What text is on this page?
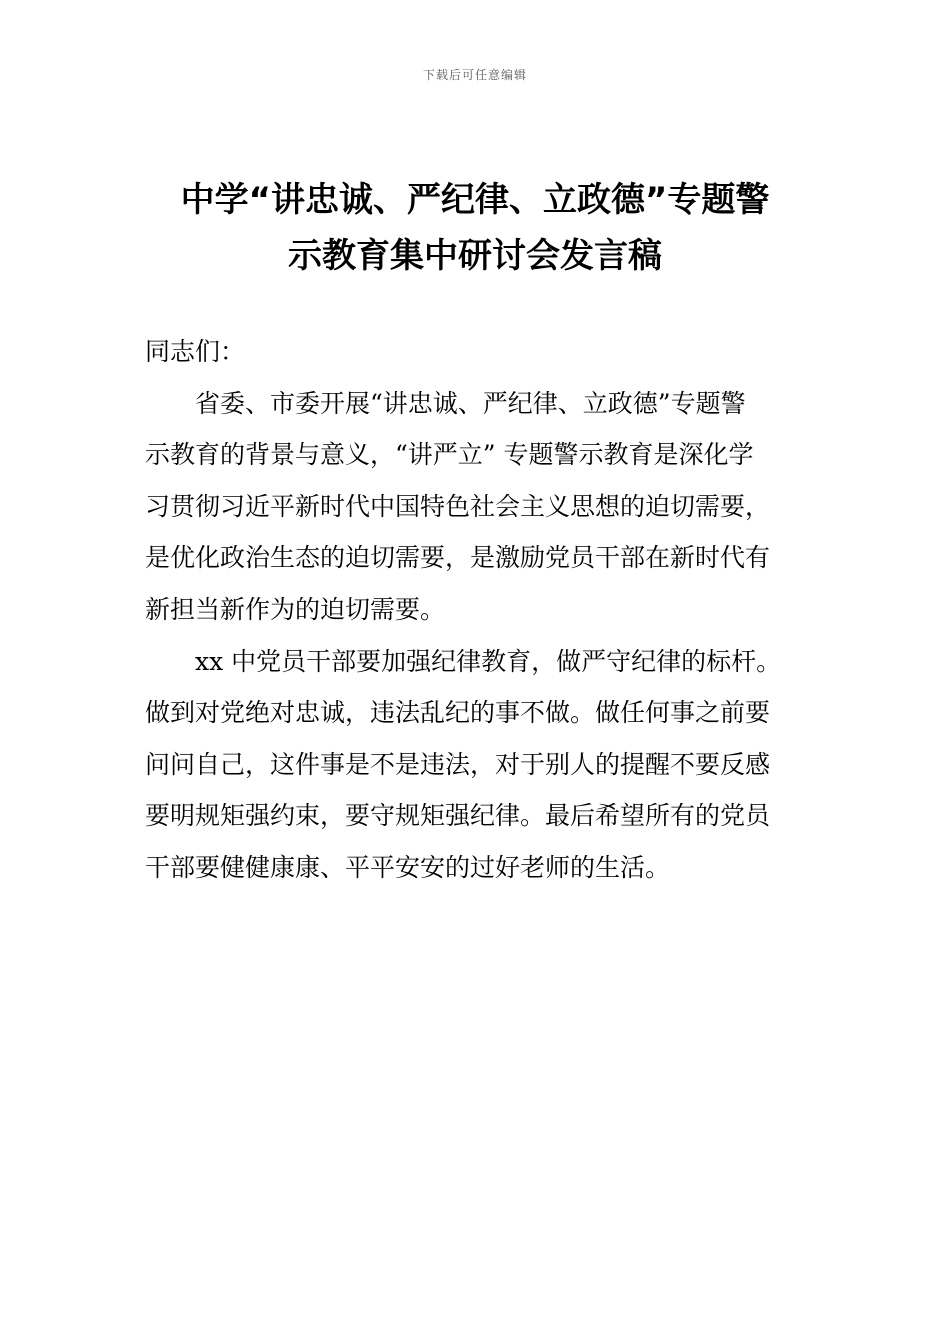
下载后可任意编辑
中学“讲忠诚、严纪律、立政德”专题警
示教育集中研讨会发言稿

同志们：

省委、市委开展“讲忠诚、严纪律、立政德”专题警
示教育的背景与意义，“讲严立” 专题警示教育是深化学
习贯彻习近平新时代中国特色社会主义思想的迫切需要，
是优化政治生态的迫切需要，是激励党员干部在新时代有
新担当新作为的迫切需要。

xx 中党员干部要加强纪律教育，做严守纪律的标杆。
做到对党绝对忠诚，违法乱纪的事不做。做任何事之前要
问问自己，这件事是不是违法，对于别人的提醒不要反感
要明规矩强约束，要守规矩强纪律。最后希望所有的党员
干部要健健康康、平平安安的过好老师的生活。
